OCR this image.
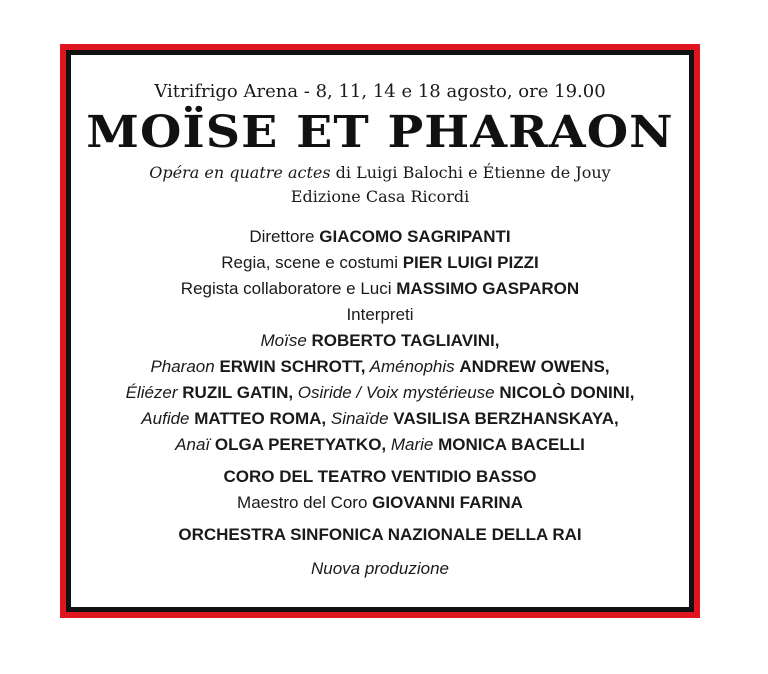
Vitrifrigo Arena - 8, 11, 14 e 18 agosto, ore 19.00
MOÏSE ET PHARAON
Opéra en quatre actes di Luigi Balochi e Étienne de Jouy
Edizione Casa Ricordi
Direttore GIACOMO SAGRIPANTI
Regia, scene e costumi PIER LUIGI PIZZI
Regista collaboratore e Luci MASSIMO GASPARON
Interpreti
Moïse ROBERTO TAGLIAVINI,
Pharaon ERWIN SCHROTT, Aménophis ANDREW OWENS,
Éliézer RUZIL GATIN, Osiride / Voix mystérieuse NICOLÒ DONINI,
Aufide MATTEO ROMA, Sinaïde VASILISA BERZHANSKAYA,
Anaï OLGA PERETYATKO, Marie MONICA BACELLI
CORO DEL TEATRO VENTIDIO BASSO
Maestro del Coro GIOVANNI FARINA
ORCHESTRA SINFONICA NAZIONALE DELLA RAI
Nuova produzione
